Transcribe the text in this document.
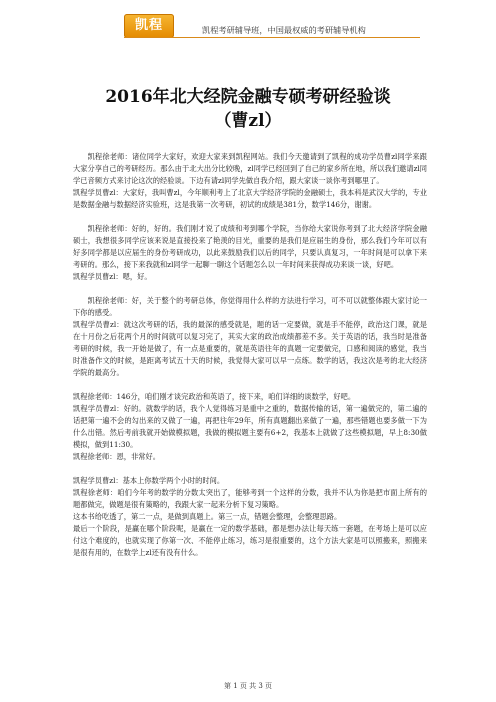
凯程	凯程考研辅导班，中国最权威的考研辅导机构
2016年北大经院金融专硕考研经验谈
（曹zl）

凯程徐老师：诸位同学大家好，欢迎大家来到凯程网站。我们今天邀请到了凯程的成功学员曹zl同学来跟大家分享自己的考研经历。那么由于北大出分比较晚，zl同学已经回到了自己的家乡所在地，所以我们邀请zl同学已音频方式来讨论这次的经验谈。下边有请zl同学先做自我介绍，跟大家谈一谈你考到哪里了。

凯程学员曹zl：大家好，我叫曹zl，今年顺利考上了北京大学经济学院的金融硕士，我本科是武汉大学的，专业是数据金融与数据经济实验班，这是我第一次考研，初试的成绩是381分，数学146分，谢谢。

凯程徐老师：好的，好的。我们刚才说了成绩和考到哪个学院，当你给大家说你考到了北大经济学院金融硕士，我想很多同学应该来说是直接投来了艳羡的目光，重要的是我们是应届生的身份，那么我们今年可以有好多同学都是以应届生的身份考研成功，以此来鼓励我们以后的同学，只要认真复习，一年时间是可以拿下来考研的。那么，接下来我就和zl同学一起聊一聊这个话题怎么以一年时间来获得成功来谈一谈，好吧。

凯程学员曹zl：嗯，好。

凯程徐老师：好，关于整个的考研总体，你觉得用什么样的方法进行学习，可不可以就整体跟大家讨论一下你的感受。

凯程学员曹zl：就这次考研的话，我的最深的感受就是，题的话一定要做，就是手不能停，政治这门课，就是在十月份之后花两个月的时间就可以复习完了，其实大家的政治成绩都差不多。关于英语的话，我当时是准备考研的时候，我一开始是做了，有一点是重要的，就是英语往年的真题一定要做完，口感和阅读的感觉，我当时准备作文的时候，是距离考试五十天的时候，我觉得大家可以早一点练。数学的话，我这次是考的北大经济学院的最高分。

凯程徐老师：146分，咱们刚才谈完政治和英语了，接下来，咱们详细的谈数学，好吧。

凯程学员曹zl：好的。就数学的话，我个人觉得练习是重中之重的，数据传输的话，第一遍做完的，第二遍的话把第一遍不会的勾出来的又做了一遍，再把往年29年，所有真题翻出来做了一遍，那些错题也要多做一下为什么出错。然后考前我就开始做模拟题，我做的模拟题主要有6+2，我基本上就做了这些模拟题，早上8:30做模拟，做到11:30。

凯程徐老师：恩，非常好。

凯程学员曹zl：基本上你数学两个小时的时间。

凯程徐老师：咱们今年考的数学的分数太突出了，能够考到一个这样的分数，我并不认为你是把市面上所有的题都做完，做题是很有策略的，我跟大家一起来分析下复习策略。

这本书给吃透了，第二一点，是做到真题上。第三一点，错题会整理，会整理思路。

最后一个阶段，是赢在哪个阶段呢，是赢在一定的数学基础，都是想办法让每天练一套题，在考场上是可以应付这个难度的，也就实现了你第一次、不能停止练习，练习是很重要的，这个方法大家是可以照搬来，照搬来是很有用的，在数学上zl还有没有什么。

第 1 页 共 3 页
